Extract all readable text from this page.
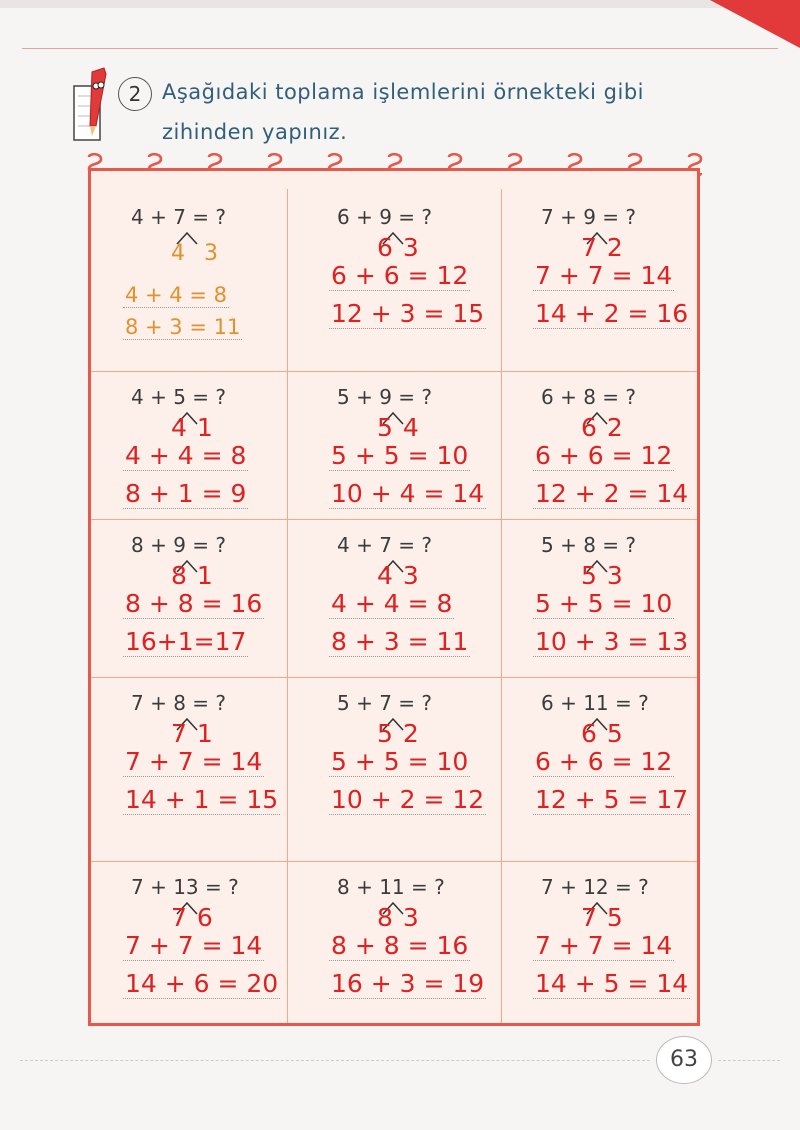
2 Aşağıdaki toplama işlemlerini örnekteki gibi zihinden yapınız.
4 + 7 = ?
4 3
4 + 4 = 8
8 + 3 = 11
6 + 9 = ?
6 3
6 + 6 = 12
12 + 3 = 15
7 + 9 = ?
7 2
7 + 7 = 14
14 + 2 = 16
4 + 5 = ?
4 1
4 + 4 = 8
8 + 1 = 9
5 + 9 = ?
5 4
5 + 5 = 10
10 + 4 = 14
6 + 8 = ?
6 2
6 + 6 = 12
12 + 2 = 14
8 + 9 = ?
8 1
8 + 8 = 16
16+1=17
4 + 7 = ?
4 3
4 + 4 = 8
8 + 3 = 11
5 + 8 = ?
5 3
5 + 5 = 10
10 + 3 = 13
7 + 8 = ?
7 1
7 + 7 = 14
14 + 1 = 15
5 + 7 = ?
5 2
5 + 5 = 10
10 + 2 = 12
6 + 11 = ?
6 5
6 + 6 = 12
12 + 5 = 17
7 + 13 = ?
7 6
7 + 7 = 14
14 + 6 = 20
8 + 11 = ?
8 3
8 + 8 = 16
16 + 3 = 19
7 + 12 = ?
7 5
7 + 7 = 14
14 + 5 = 14
63
